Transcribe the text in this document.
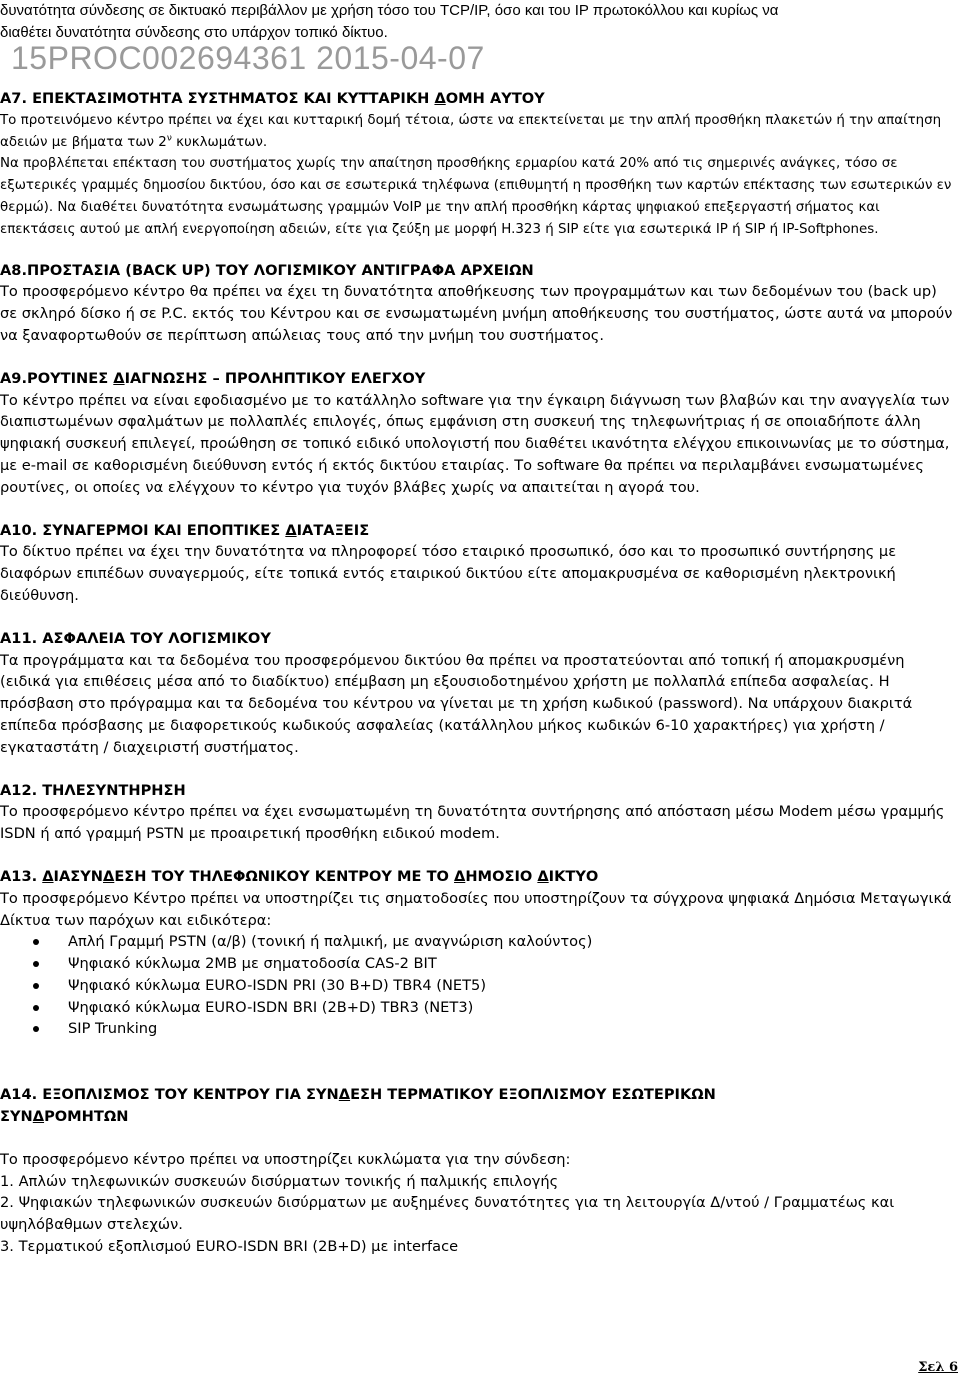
δυνατότητα σύνδεσης σε δικτυακό περιβάλλον με χρήση τόσο του TCP/IP, όσο και του IP πρωτοκόλλου και κυρίως να

διαθέτει δυνατότητα σύνδεσης στο υπάρχον τοπικό δίκτυο.

15PROC002694361 2015-04-07

Α7. ΕΠΕΚΤΑΣΙΜΟΤΗΤΑ ΣΥΣΤΗΜΑΤΟΣ ΚΑΙ ΚΥΤΤΑΡΙΚΗ ΔΟΜΗ ΑΥΤΟΥ

Το προτεινόμενο κέντρο πρέπει να έχει και κυτταρική δομή τέτοια, ώστε να επεκτείνεται με την απλή προσθήκη πλακετών ή την απαίτηση αδειών με βήματα των $2^\nu$ κυκλωμάτων.

Να προβλέπεται επέκταση του συστήματος χωρίς την απαίτηση προσθήκης ερμαρίου κατά 20% από τις σημερινές ανάγκες, τόσο σε εξωτερικές γραμμές δημοσίου δικτύου, όσο και σε εσωτερικά τηλέφωνα (επιθυμητή η προσθήκη των καρτών επέκτασης των εσωτερικών εν θερμώ). Να διαθέτει δυνατότητα ενσωμάτωσης γραμμών VoIP με την απλή προσθήκη κάρτας ψηφιακού επεξεργαστή σήματος και επεκτάσεις αυτού με απλή ενεργοποίηση αδειών, είτε για ζεύξη με μορφή H.323 ή SIP είτε για εσωτερικά IP ή SIP ή IP-Softphones.

Α8.ΠΡΟΣΤΑΣΙΑ (BACK UP) ΤΟΥ ΛΟΓΙΣΜΙΚΟΥ ΑΝΤΙΓΡΑΦΑ ΑΡΧΕΙΩΝ

Το προσφερόμενο κέντρο θα πρέπει να έχει τη δυνατότητα αποθήκευσης των προγραμμάτων και των δεδομένων του (back up) σε σκληρό δίσκο ή σε P.C. εκτός του Κέντρου και σε ενσωματωμένη μνήμη αποθήκευσης του συστήματος, ώστε αυτά να μπορούν να ξαναφορτωθούν σε περίπτωση απώλειας τους από την μνήμη του συστήματος.

Α9.ΡΟΥΤΙΝΕΣ ΔΙΑΓΝΩΣΗΣ – ΠΡΟΛΗΠΤΙΚΟΥ ΕΛΕΓΧΟΥ

Το κέντρο πρέπει να είναι εφοδιασμένο με το κατάλληλο software για την έγκαιρη διάγνωση των βλαβών και την αναγγελία των διαπιστωμένων σφαλμάτων με πολλαπλές επιλογές, όπως εμφάνιση στη συσκευή της τηλεφωνήτριας ή σε οποιαδήποτε άλλη ψηφιακή συσκευή επιλεγεί, προώθηση σε τοπικό ειδικό υπολογιστή που διαθέτει ικανότητα ελέγχου επικοινωνίας με το σύστημα, με e-mail σε καθορισμένη διεύθυνση εντός ή εκτός δικτύου εταιρίας. Το software θα πρέπει να περιλαμβάνει ενσωματωμένες ρουτίνες, οι οποίες να ελέγχουν το κέντρο για τυχόν βλάβες χωρίς να απαιτείται η αγορά του.

Α10. ΣΥΝΑΓΕΡΜΟΙ ΚΑΙ ΕΠΟΠΤΙΚΕΣ ΔΙΑΤΑΞΕΙΣ

Το δίκτυο πρέπει να έχει την δυνατότητα να πληροφορεί τόσο εταιρικό προσωπικό, όσο και το προσωπικό συντήρησης με διαφόρων επιπέδων συναγερμούς, είτε τοπικά εντός εταιρικού δικτύου είτε απομακρυσμένα σε καθορισμένη ηλεκτρονική διεύθυνση.

Α11. ΑΣΦΑΛΕΙΑ ΤΟΥ ΛΟΓΙΣΜΙΚΟΥ

Τα προγράμματα και τα δεδομένα του προσφερόμενου δικτύου θα πρέπει να προστατεύονται από τοπική ή απομακρυσμένη (ειδικά για επιθέσεις μέσα από το διαδίκτυο) επέμβαση μη εξουσιοδοτημένου χρήστη με πολλαπλά επίπεδα ασφαλείας. Η πρόσβαση στο πρόγραμμα και τα δεδομένα του κέντρου να γίνεται με τη χρήση κωδικού (password). Να υπάρχουν διακριτά επίπεδα πρόσβασης με διαφορετικούς κωδικούς ασφαλείας (κατάλληλου μήκος κωδικών 6-10 χαρακτήρες) για χρήστη / εγκαταστάτη / διαχειριστή συστήματος.

Α12. ΤΗΛΕΣΥΝΤΗΡΗΣΗ

Το προσφερόμενο κέντρο πρέπει να έχει ενσωματωμένη τη δυνατότητα συντήρησης από απόσταση μέσω Modem μέσω γραμμής ISDN ή από γραμμή PSTN με προαιρετική προσθήκη ειδικού modem.

Α13. ΔΙΑΣΥΝΔΕΣΗ ΤΟΥ ΤΗΛΕΦΩΝΙΚΟΥ ΚΕΝΤΡΟΥ ΜΕ ΤΟ ΔΗΜΟΣΙΟ ΔΙΚΤΥΟ

Το προσφερόμενο Κέντρο πρέπει να υποστηρίζει τις σηματοδοσίες που υποστηρίζουν τα σύγχρονα ψηφιακά Δημόσια Μεταγωγικά Δίκτυα των παρόχων και ειδικότερα:

Απλή Γραμμή PSTN (α/β) (τονική ή παλμική, με αναγνώριση καλούντος)
Ψηφιακό κύκλωμα 2MB με σηματοδοσία CAS-2 BIT
Ψηφιακό κύκλωμα EURO-ISDN PRI (30 B+D) TBR4 (NET5)
Ψηφιακό κύκλωμα EURO-ISDN BRI (2B+D) TBR3 (NET3)
SIP Trunking

Α14. ΕΞΟΠΛΙΣΜΟΣ ΤΟΥ ΚΕΝΤΡΟΥ ΓΙΑ ΣΥΝΔΕΣΗ ΤΕΡΜΑΤΙΚΟΥ ΕΞΟΠΛΙΣΜΟΥ ΕΣΩΤΕΡΙΚΩΝ
ΣΥΝΔΡΟΜΗΤΩΝ

Το προσφερόμενο κέντρο πρέπει να υποστηρίζει κυκλώματα για την σύνδεση:

1. Απλών τηλεφωνικών συσκευών δισύρματων τονικής ή παλμικής επιλογής

2. Ψηφιακών τηλεφωνικών συσκευών δισύρματων με αυξημένες δυνατότητες για τη λειτουργία Δ/ντού / Γραμματέως και υψηλόβαθμων στελεχών.

3. Τερματικού εξοπλισμού EURO-ISDN BRI (2B+D) με interface

Σελ 6
